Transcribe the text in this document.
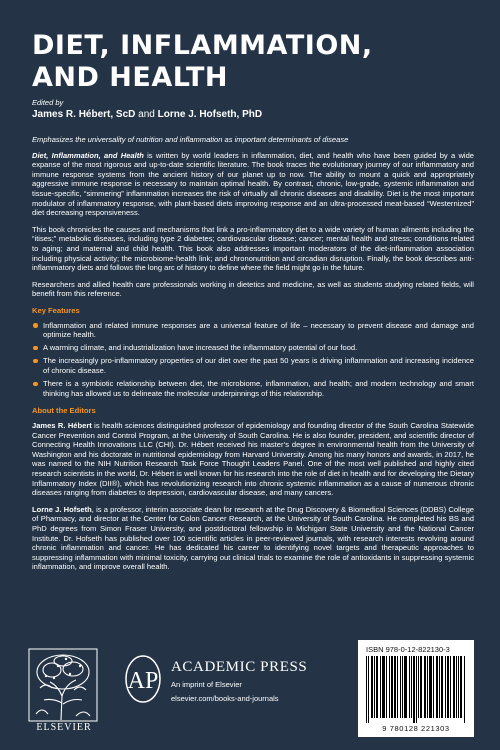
DIET, INFLAMMATION,
AND HEALTH
Edited by
James R. Hébert, ScD and Lorne J. Hofseth, PhD

Emphasizes the universality of nutrition and inflammation as important determinants of disease

Diet, Inflammation, and Health is written by world leaders in inflammation, diet, and health who have been guided by a wide expanse of the most rigorous and up-to-date scientific literature. The book traces the evolutionary journey of our inflammatory and immune response systems from the ancient history of our planet up to now. The ability to mount a quick and appropriately aggressive immune response is necessary to maintain optimal health. By contrast, chronic, low-grade, systemic inflammation and tissue-specific, “simmering” inflammation increases the risk of virtually all chronic diseases and disability. Diet is the most important modulator of inflammatory response, with plant-based diets improving response and an ultra-processed meat-based “Westernized” diet decreasing responsiveness.

This book chronicles the causes and mechanisms that link a pro-inflammatory diet to a wide variety of human ailments including the “itises;” metabolic diseases, including type 2 diabetes; cardiovascular disease; cancer; mental health and stress; conditions related to aging; and maternal and child health. This book also addresses important moderators of the diet-inflammation association including physical activity; the microbiome-health link; and chrononutrition and circadian disruption. Finally, the book describes anti-inflammatory diets and follows the long arc of history to define where the field might go in the future.

Researchers and allied health care professionals working in dietetics and medicine, as well as students studying related fields, will benefit from this reference.

Key Features
Inflammation and related immune responses are a universal feature of life – necessary to prevent disease and damage and optimize health.
A warming climate, and industrialization have increased the inflammatory potential of our food.
The increasingly pro-inflammatory properties of our diet over the past 50 years is driving inflammation and increasing incidence of chronic disease.
There is a symbiotic relationship between diet, the microbiome, inflammation, and health; and modern technology and smart thinking has allowed us to delineate the molecular underpinnings of this relationship.
About the Editors

James R. Hébert is health sciences distinguished professor of epidemiology and founding director of the South Carolina Statewide Cancer Prevention and Control Program, at the University of South Carolina. He is also founder, president, and scientific director of Connecting Health Innovations LLC (CHI). Dr. Hébert received his master’s degree in environmental health from the University of Washington and his doctorate in nutritional epidemiology from Harvard University. Among his many honors and awards, in 2017, he was named to the NIH Nutrition Research Task Force Thought Leaders Panel. One of the most well published and highly cited research scientists in the world, Dr. Hébert is well known for his research into the role of diet in health and for developing the Dietary Inflammatory Index (DII®), which has revolutionizing research into chronic systemic inflammation as a cause of numerous chronic diseases ranging from diabetes to depression, cardiovascular disease, and many cancers.

Lorne J. Hofseth, is a professor, interim associate dean for research at the Drug Discovery & Biomedical Sciences (DDBS) College of Pharmacy, and director at the Center for Colon Cancer Research, at the University of South Carolina. He completed his BS and PhD degrees from Simon Fraser University, and postdoctoral fellowship in Michigan State University and the National Cancer Institute. Dr. Hofseth has published over 100 scientific articles in peer-reviewed journals, with research interests revolving around chronic inflammation and cancer. He has dedicated his career to identifying novel targets and therapeutic approaches to suppressing inflammation with minimal toxicity, carrying out clinical trials to examine the role of antioxidants in suppressing systemic inflammation, and improve overall health.

ELSEVIER
AP
ACADEMIC PRESS
An imprint of Elsevier
elsevier.com/books-and-journals
ISBN 978-0-12-822130-3
9 780128 221303
